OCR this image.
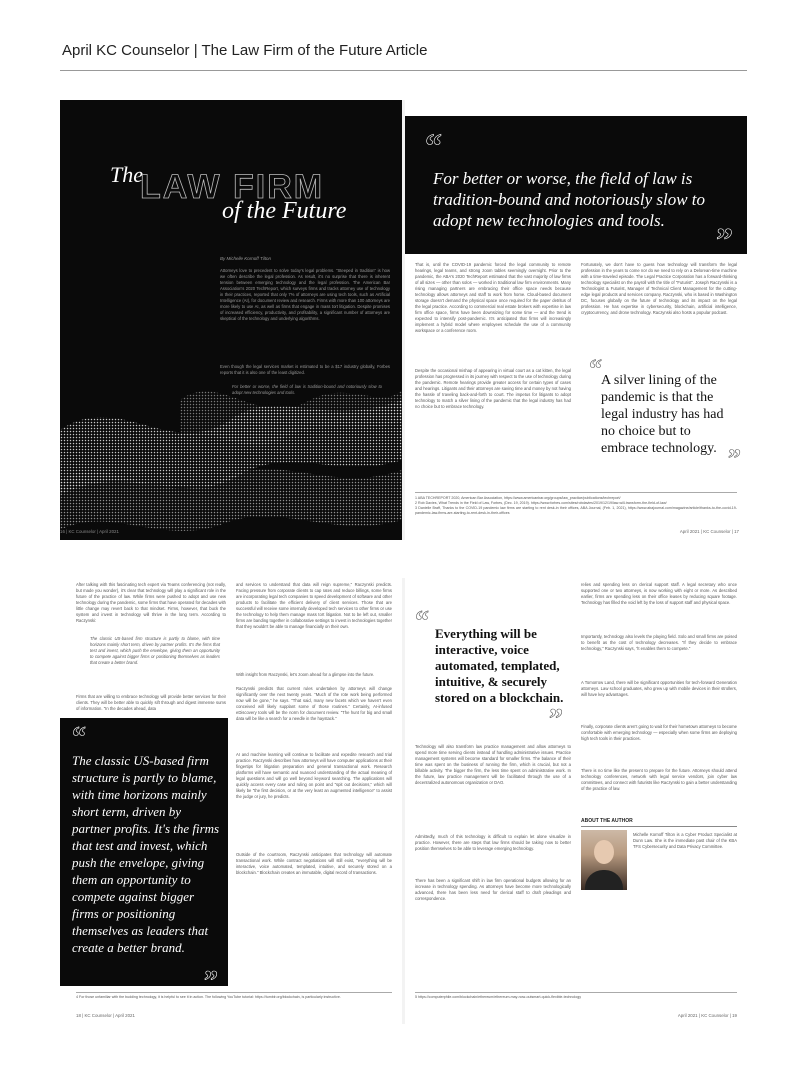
April KC Counselor | The Law Firm of the Future Article
The
LAW FIRM
of the Future
By Michelle Kornoff Tilton
Attorneys love to precedent to solve today's legal problems. "Steeped in tradition" is how we often describe the legal profession. As result, it's no surprise that there is inherent tension between emerging technology and the legal profession. The American Bar Association's 2020 TechReport, which surveys firms and tracks attorney use of technology in their practices, reported that only 7% of attorneys are using tech tools, such as Artificial Intelligence (AI), for document review and research. Firms with more than 100 attorneys are more likely to use AI, as well as firms that engage in mass tort litigation. Despite promises of increased efficiency, productivity, and profitability, a significant number of attorneys are skeptical of the technology and underlying algorithms.
Even though the legal services market is estimated to be a $17 industry globally, Forbes reports that it is also one of the least digitized.
For better or worse, the field of law is tradition-bound and notoriously slow to adopt new technologies and tools.
16 | KC Counselor | April 2021
“
For better or worse, the field of law is tradition-bound and notoriously slow to adopt new technologies and tools.
”
That is, until the COVID-19 pandemic forced the legal community to remote hearings, legal teams, and strong zoom tables seemingly overnight. Prior to the pandemic, the ABA's 2020 TechReport estimated that the vast majority of law firms of all sizes — other than solos — worked in traditional law firm environments. Many rising managing partners are embracing their office space needs because technology allows attorneys and staff to work from home. Cloud-based document storage doesn't demand the physical space once required for the paper detritus of the legal practice. According to commercial real estate brokers with expertise in law firm office space, firms have been downsizing for some time — and the trend is expected to intensify post-pandemic. It's anticipated that firms will increasingly implement a hybrid model where employees schedule the use of a community workspace or a conference room.
Despite the occasional mishap of appearing in virtual court as a cat kitten, the legal profession has progressed in its journey with respect to the use of technology during the pandemic. Remote hearings provide greater access for certain types of cases and hearings. Litigants and their attorneys are saving time and money by not having the hassle of traveling back-and-forth to court. The impetus for litigants to adopt technology to match a silver lining of the pandemic that the legal industry has had no choice but to embrace technology.
Fortunately, we don't have to guess how technology will transform the legal profession in the years to come nor do we need to rely on a Delorean-time machine with a time-traveled episode. The Legal Practice Corporation has a forward-thinking technology specialist on the payroll with the title of "Futurist". Joseph Raczynski is a Technologist & Futurist, Manager of Technical Client Management for the cutting-edge legal products and services company. Raczynski, who is based in Washington DC, focuses globally on the future of technology and its impact on the legal profession. He has expertise in cybersecurity, blockchain, artificial intelligence, cryptocurrency, and drone technology. Raczynski also hosts a popular podcast.
“ A silver lining of the pandemic is that the legal industry has had no choice but to embrace technology. ”
1 ABA TECHREPORT 2020, American Bar Association, https://www.americanbar.org/groups/law_practice/publications/techreport/
2 Rob Davies, What Trends in the Field of Law, Forbes, (Dec. 19, 2019). https://www.forbes.com/sites/robdavies/2019/12/19/law-will-transform-the-field-of-law/
3 Danielle Braff, Thanks to the COVID-19 pandemic law firms are starting to rent desk-in their offices, ABA Journal, (Feb. 1, 2021), https://www.abajournal.com/magazine/article/thanks-to-the-covid-19-pandemic-law-firms-are-starting-to-rent-desk-in-their-offices
April 2021 | KC Counselor | 17
After talking with this fascinating tech expert via Teams conferencing (not really, but made you wonder), it's clear that technology will play a significant role in the future of the practice of law. While firms were pushed to adopt and use new technology during the pandemic, some firms that have operated for decades with little change may revert back to that mindset. Firms, however, that buck the system and invest in technology will thrive in the long term. According to Raczynski:
The classic US-based firm structure is partly to blame, with time horizons mainly short term, driven by partner profits. It's the firms that test and invest, which push the envelope, giving them an opportunity to compete against bigger firms or positioning themselves as leaders that create a better brand.
Firms that are willing to embrace technology will provide better services for their clients. They will be better able to quickly sift through and digest immense sums of information. "In the decades ahead, data
“
The classic US-based firm structure is partly to blame, with time horizons mainly short term, driven by partner profits. It's the firms that test and invest, which push the envelope, giving them an opportunity to compete against bigger firms or positioning themselves as leaders that create a better brand.
”
and services to understand that data will reign supreme," Raczynski predicts. Facing pressure from corporate clients to cap rates and reduce billings, some firms are incorporating legal tech companies to speed development of software and other products to facilitate the efficient delivery of client services. Those that are successful will receive some internally developed tech services to other firms or use the technology to help them manage mass tort litigation. Not to be left out, smaller firms are banding together in collaborative settings to invest in technologies together that they wouldn't be able to manage financially on their own.
With insight from Raczynski, let's zoom ahead for a glimpse into the future.
Raczynski predicts that current rules undertaken by attorneys will change significantly over the next twenty years. "Much of the rote work being performed now will be gone," he says. "That said, many new facets which we haven't even conceived will likely supplant some of those routines." Certainly, AI-infused eDiscovery tools will be the norm for document review. "The hunt for big and small data will be like a search for a needle in the haystack."
AI and machine learning will continue to facilitate and expedite research and trial practice. Raczynski describes how attorneys will have computer applications at their fingertips for litigation preparation and general transactional work. Research platforms will have semantic and nuanced understanding of the actual meaning of legal questions and will go well beyond keyword searching. The applications will quickly access every case and ruling on point and "spit out decisions," which will likely be "the first decision, or at the very least an augmented intelligence" to assist the judge or jury, he predicts.
Outside of the courtroom, Raczynski anticipates that technology will automate transactional work. While contract negotiations will still exist, "everything will be interactive, voice automated, templated, intuitive, and securely stored on a blockchain." Blockchain creates an immutable, digital record of transactions.
4 For those unfamiliar with the budding technology, it is helpful to see it in action. The following YouTube tutorial: https://tumblr.org/blockchain, is particularly instructive.
18 | KC Counselor | April 2021
“ Everything will be interactive, voice automated, templated, intuitive, & securely stored on a blockchain.
”
Technology will also transform law practice management and allow attorneys to spend more time serving clients instead of handling administrative issues. Practice management systems will become standard for smaller firms. The balance of their time was spent on the business of running the firm, which is crucial, but not a billable activity. The bigger the firm, the less time spent on administrative work. In the future, law practice management will be facilitated through the use of a decentralized autonomous organization or DAO.
Admittedly, much of this technology is difficult to explain let alone visualize in practice. However, there are steps that law firms should be taking now to better position themselves to be able to leverage emerging technology.
There has been a significant shift in law firm operational budgets allowing for an increase in technology spending. As attorneys have become more technologically advanced, there has been less need for clerical staff to draft pleadings and correspondence.
relies and spending less on clerical support staff. A legal secretary who once supported one or two attorneys, is now working with eight or more. As described earlier, firms are spending less on their office leases by reducing square footage. Technology has filled the void left by the loss of support staff and physical space.
Importantly, technology also levels the playing field. Solo and small firms are poised to benefit as the cost of technology decreases. "If they decide to embrace technology," Raczynski says, "it enables them to compete."
A Tomorrow Land, there will be significant opportunities for tech-forward Generation attorneys. Law school graduates, who grew up with mobile devices in their strollers, will have key advantages.
Finally, corporate clients aren't going to wait for their hometown attorneys to become comfortable with emerging technology — especially when some firms are deploying high tech tools in their practices.
There is no time like the present to prepare for the future. Attorneys should attend technology conferences, network with legal service vendors, join cyber law committees, and connect with futurists like Raczynski to gain a better understanding of the practice of law.
ABOUT THE AUTHOR
Michelle Kornoff Tilton is a Cyber Product Specialist at Dunn Law. She is the immediate past chair of the KBA TFS Cybersecurity and Data Privacy Committee.
5 https://computerphile.com/blockchain/ethereum/ethereum-may-now-outsmart-quick-flexible-technology
April 2021 | KC Counselor | 19
